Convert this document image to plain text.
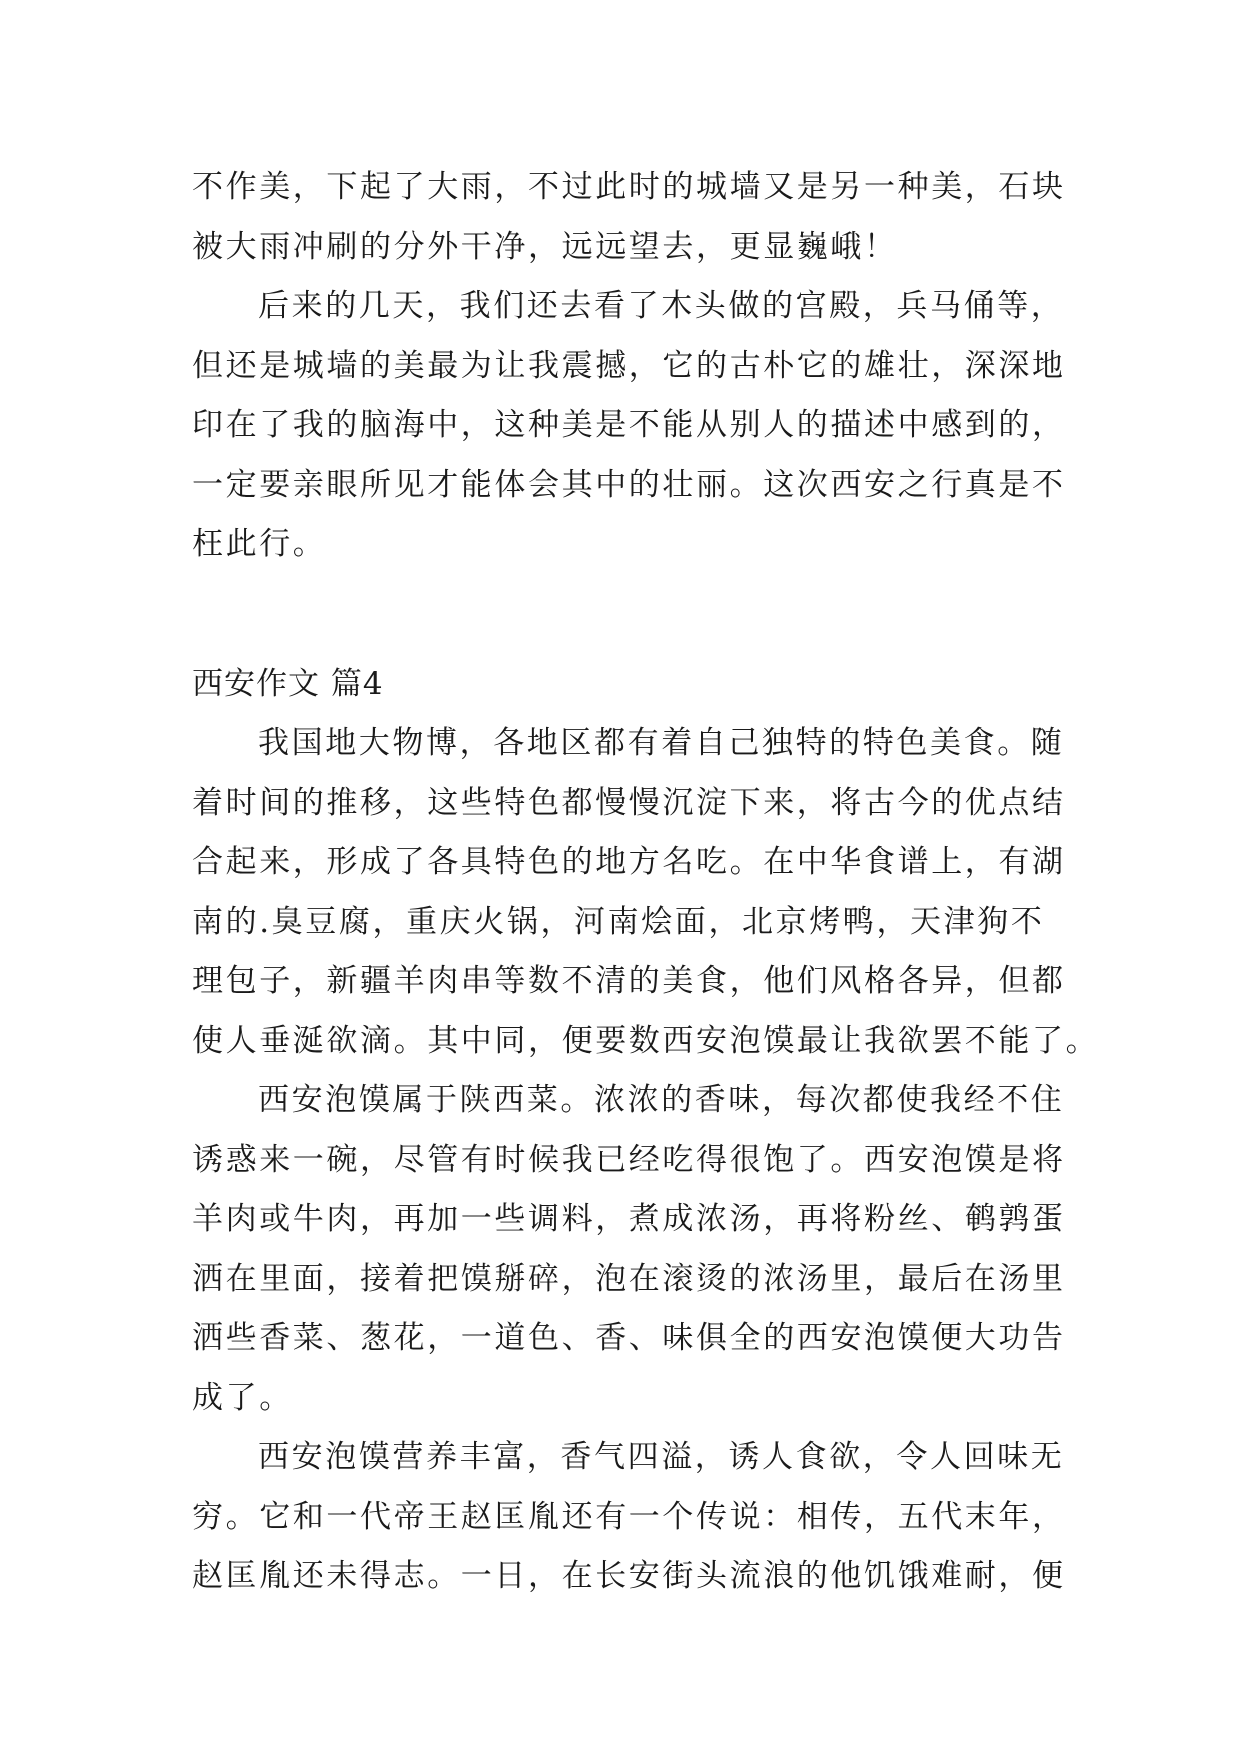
不作美，下起了大雨，不过此时的城墙又是另一种美，石块
被大雨冲刷的分外干净，远远望去，更显巍峨！
后来的几天，我们还去看了木头做的宫殿，兵马俑等，
但还是城墙的美最为让我震撼，它的古朴它的雄壮，深深地
印在了我的脑海中，这种美是不能从别人的描述中感到的，
一定要亲眼所见才能体会其中的壮丽。这次西安之行真是不
枉此行。
西安作文 篇4
我国地大物博，各地区都有着自己独特的特色美食。随
着时间的推移，这些特色都慢慢沉淀下来，将古今的优点结
合起来，形成了各具特色的地方名吃。在中华食谱上，有湖
南的.臭豆腐，重庆火锅，河南烩面，北京烤鸭，天津狗不
理包子，新疆羊肉串等数不清的美食，他们风格各异，但都
使人垂涎欲滴。其中同，便要数西安泡馍最让我欲罢不能了。
西安泡馍属于陕西菜。浓浓的香味，每次都使我经不住
诱惑来一碗，尽管有时候我已经吃得很饱了。西安泡馍是将
羊肉或牛肉，再加一些调料，煮成浓汤，再将粉丝、鹌鹑蛋
洒在里面，接着把馍掰碎，泡在滚烫的浓汤里，最后在汤里
洒些香菜、葱花，一道色、香、味俱全的西安泡馍便大功告
成了。
西安泡馍营养丰富，香气四溢，诱人食欲，令人回味无
穷。它和一代帝王赵匡胤还有一个传说：相传，五代末年，
赵匡胤还未得志。一日，在长安街头流浪的他饥饿难耐，便
